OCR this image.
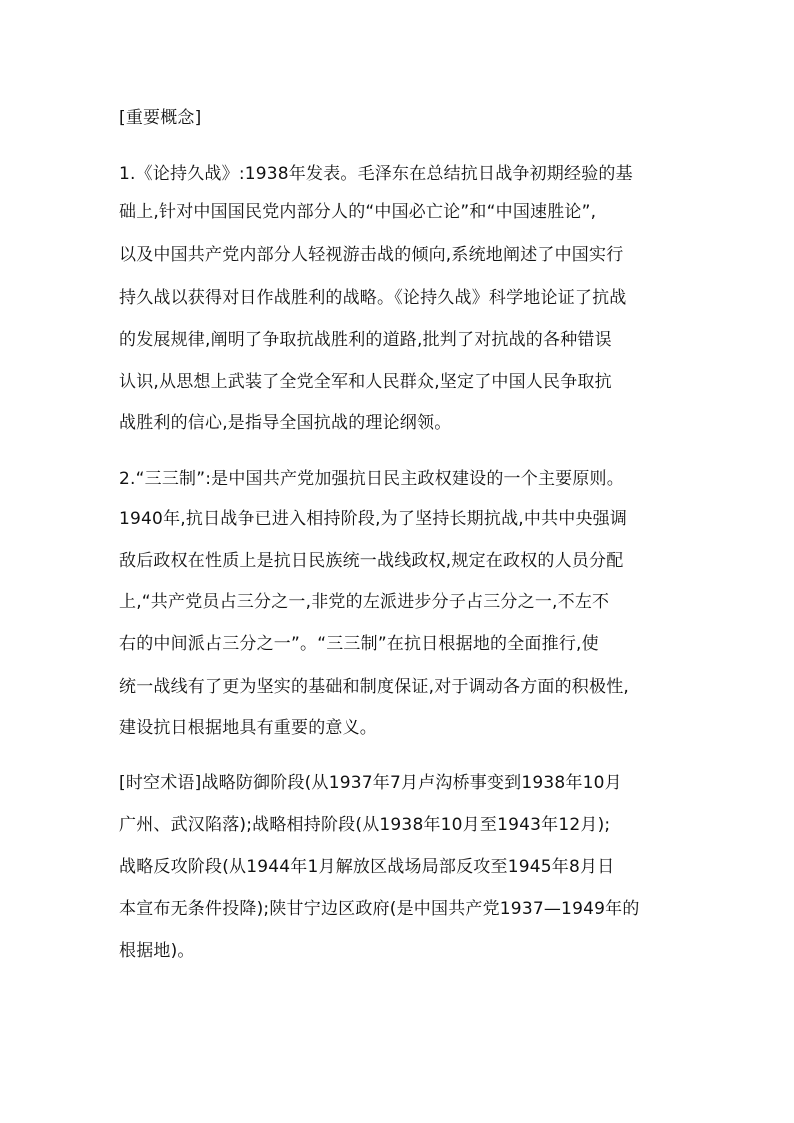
[重要概念]
1.《论持久战》:1938年发表。毛泽东在总结抗日战争初期经验的基
础上,针对中国国民党内部分人的“中国必亡论”和“中国速胜论”,
以及中国共产党内部分人轻视游击战的倾向,系统地阐述了中国实行
持久战以获得对日作战胜利的战略。《论持久战》科学地论证了抗战
的发展规律,阐明了争取抗战胜利的道路,批判了对抗战的各种错误
认识,从思想上武装了全党全军和人民群众,坚定了中国人民争取抗
战胜利的信心,是指导全国抗战的理论纲领。
2.“三三制”:是中国共产党加强抗日民主政权建设的一个主要原则。
1940年,抗日战争已进入相持阶段,为了坚持长期抗战,中共中央强调
敌后政权在性质上是抗日民族统一战线政权,规定在政权的人员分配
上,“共产党员占三分之一,非党的左派进步分子占三分之一,不左不
右的中间派占三分之一”。“三三制”在抗日根据地的全面推行,使
统一战线有了更为坚实的基础和制度保证,对于调动各方面的积极性,
建设抗日根据地具有重要的意义。
[时空术语]战略防御阶段(从1937年7月卢沟桥事变到1938年10月
广州、武汉陷落);战略相持阶段(从1938年10月至1943年12月);
战略反攻阶段(从1944年1月解放区战场局部反攻至1945年8月日
本宣布无条件投降);陕甘宁边区政府(是中国共产党1937—1949年的
根据地)。
